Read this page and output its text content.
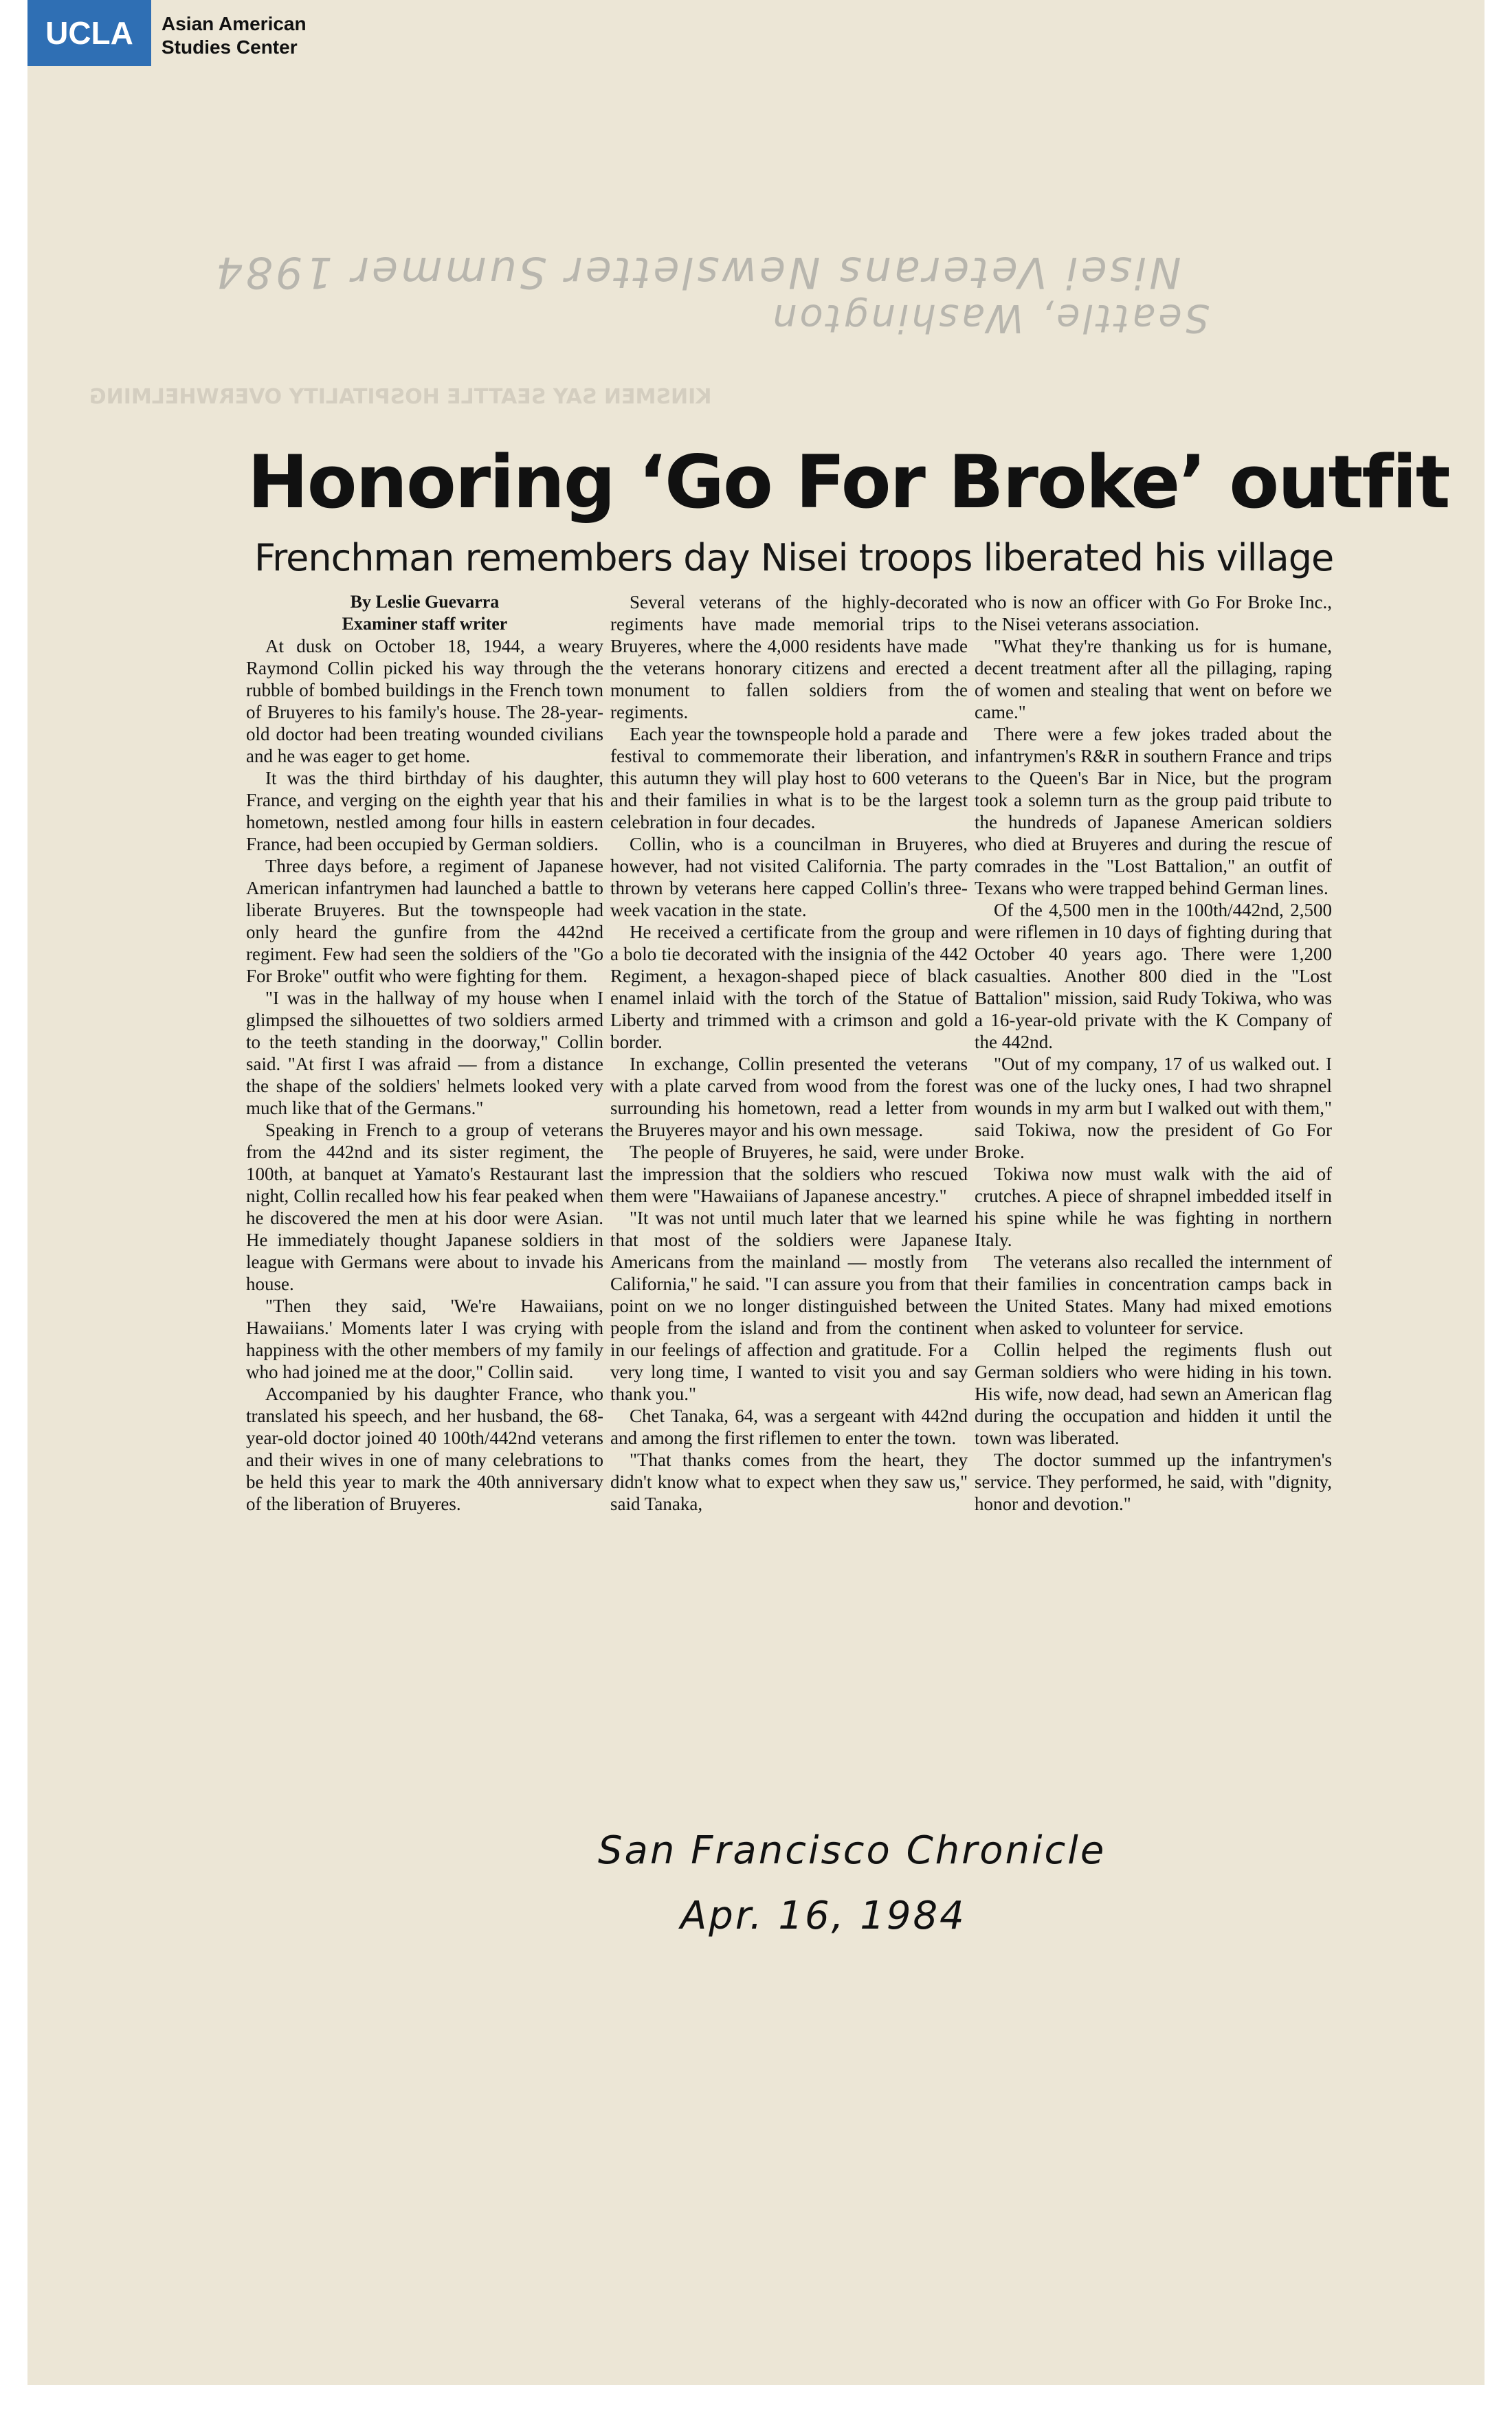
UCLA	Asian American
Studies Center
Nisei Veterans Newsletter Summer 1984
Seattle, Washington
KINSMEN SAY SEATTLE HOSPITALITY OVERWHELMING
Honoring ‘Go For Broke’ outfit
Frenchman remembers day Nisei troops liberated his village
By Leslie Guevarra
Examiner staff writer

At dusk on October 18, 1944, a weary Raymond Collin picked his way through the rubble of bombed buildings in the French town of Bruyeres to his family's house. The 28-year-old doctor had been treating wounded civilians and he was eager to get home.

It was the third birthday of his daughter, France, and verging on the eighth year that his hometown, nestled among four hills in eastern France, had been occupied by German soldiers.

Three days before, a regiment of Japanese American infantrymen had launched a battle to liberate Bruyeres. But the townspeople had only heard the gunfire from the 442nd regiment. Few had seen the soldiers of the "Go For Broke" outfit who were fighting for them.

"I was in the hallway of my house when I glimpsed the silhouettes of two soldiers armed to the teeth standing in the doorway," Collin said. "At first I was afraid — from a distance the shape of the soldiers' helmets looked very much like that of the Germans."

Speaking in French to a group of veterans from the 442nd and its sister regiment, the 100th, at banquet at Yamato's Restaurant last night, Collin recalled how his fear peaked when he discovered the men at his door were Asian. He immediately thought Japanese soldiers in league with Germans were about to invade his house.

"Then they said, 'We're Hawaiians, Hawaiians.' Moments later I was crying with happiness with the other members of my family who had joined me at the door," Collin said.

Accompanied by his daughter France, who translated his speech, and her husband, the 68-year-old doctor joined 40 100th/442nd veterans and their wives in one of many celebrations to be held this year to mark the 40th anniversary of the liberation of Bruyeres.

Several veterans of the highly-decorated regiments have made memorial trips to Bruyeres, where the 4,000 residents have made the veterans honorary citizens and erected a monument to fallen soldiers from the regiments.

Each year the townspeople hold a parade and festival to commemorate their liberation, and this autumn they will play host to 600 veterans and their families in what is to be the largest celebration in four decades.

Collin, who is a councilman in Bruyeres, however, had not visited California. The party thrown by veterans here capped Collin's three-week vacation in the state.

He received a certificate from the group and a bolo tie decorated with the insignia of the 442 Regiment, a hexagon-shaped piece of black enamel inlaid with the torch of the Statue of Liberty and trimmed with a crimson and gold border.

In exchange, Collin presented the veterans with a plate carved from wood from the forest surrounding his hometown, read a letter from the Bruyeres mayor and his own message.

The people of Bruyeres, he said, were under the impression that the soldiers who rescued them were "Hawaiians of Japanese ancestry."

"It was not until much later that we learned that most of the soldiers were Japanese Americans from the mainland — mostly from California," he said. "I can assure you from that point on we no longer distinguished between people from the island and from the continent in our feelings of affection and gratitude. For a very long time, I wanted to visit you and say thank you."

Chet Tanaka, 64, was a sergeant with 442nd and among the first riflemen to enter the town.

"That thanks comes from the heart, they didn't know what to expect when they saw us," said Tanaka,

who is now an officer with Go For Broke Inc., the Nisei veterans association.

"What they're thanking us for is humane, decent treatment after all the pillaging, raping of women and stealing that went on before we came."

There were a few jokes traded about the infantrymen's R&R in southern France and trips to the Queen's Bar in Nice, but the program took a solemn turn as the group paid tribute to the hundreds of Japanese American soldiers who died at Bruyeres and during the rescue of comrades in the "Lost Battalion," an outfit of Texans who were trapped behind German lines.

Of the 4,500 men in the 100th/442nd, 2,500 were riflemen in 10 days of fighting during that October 40 years ago. There were 1,200 casualties. Another 800 died in the "Lost Battalion" mission, said Rudy Tokiwa, who was a 16-year-old private with the K Company of the 442nd.

"Out of my company, 17 of us walked out. I was one of the lucky ones, I had two shrapnel wounds in my arm but I walked out with them," said Tokiwa, now the president of Go For Broke.

Tokiwa now must walk with the aid of crutches. A piece of shrapnel imbedded itself in his spine while he was fighting in northern Italy.

The veterans also recalled the internment of their families in concentration camps back in the United States. Many had mixed emotions when asked to volunteer for service.

Collin helped the regiments flush out German soldiers who were hiding in his town. His wife, now dead, had sewn an American flag during the occupation and hidden it until the town was liberated.

The doctor summed up the infantrymen's service. They performed, he said, with "dignity, honor and devotion."

San Francisco Chronicle
Apr. 16, 1984
